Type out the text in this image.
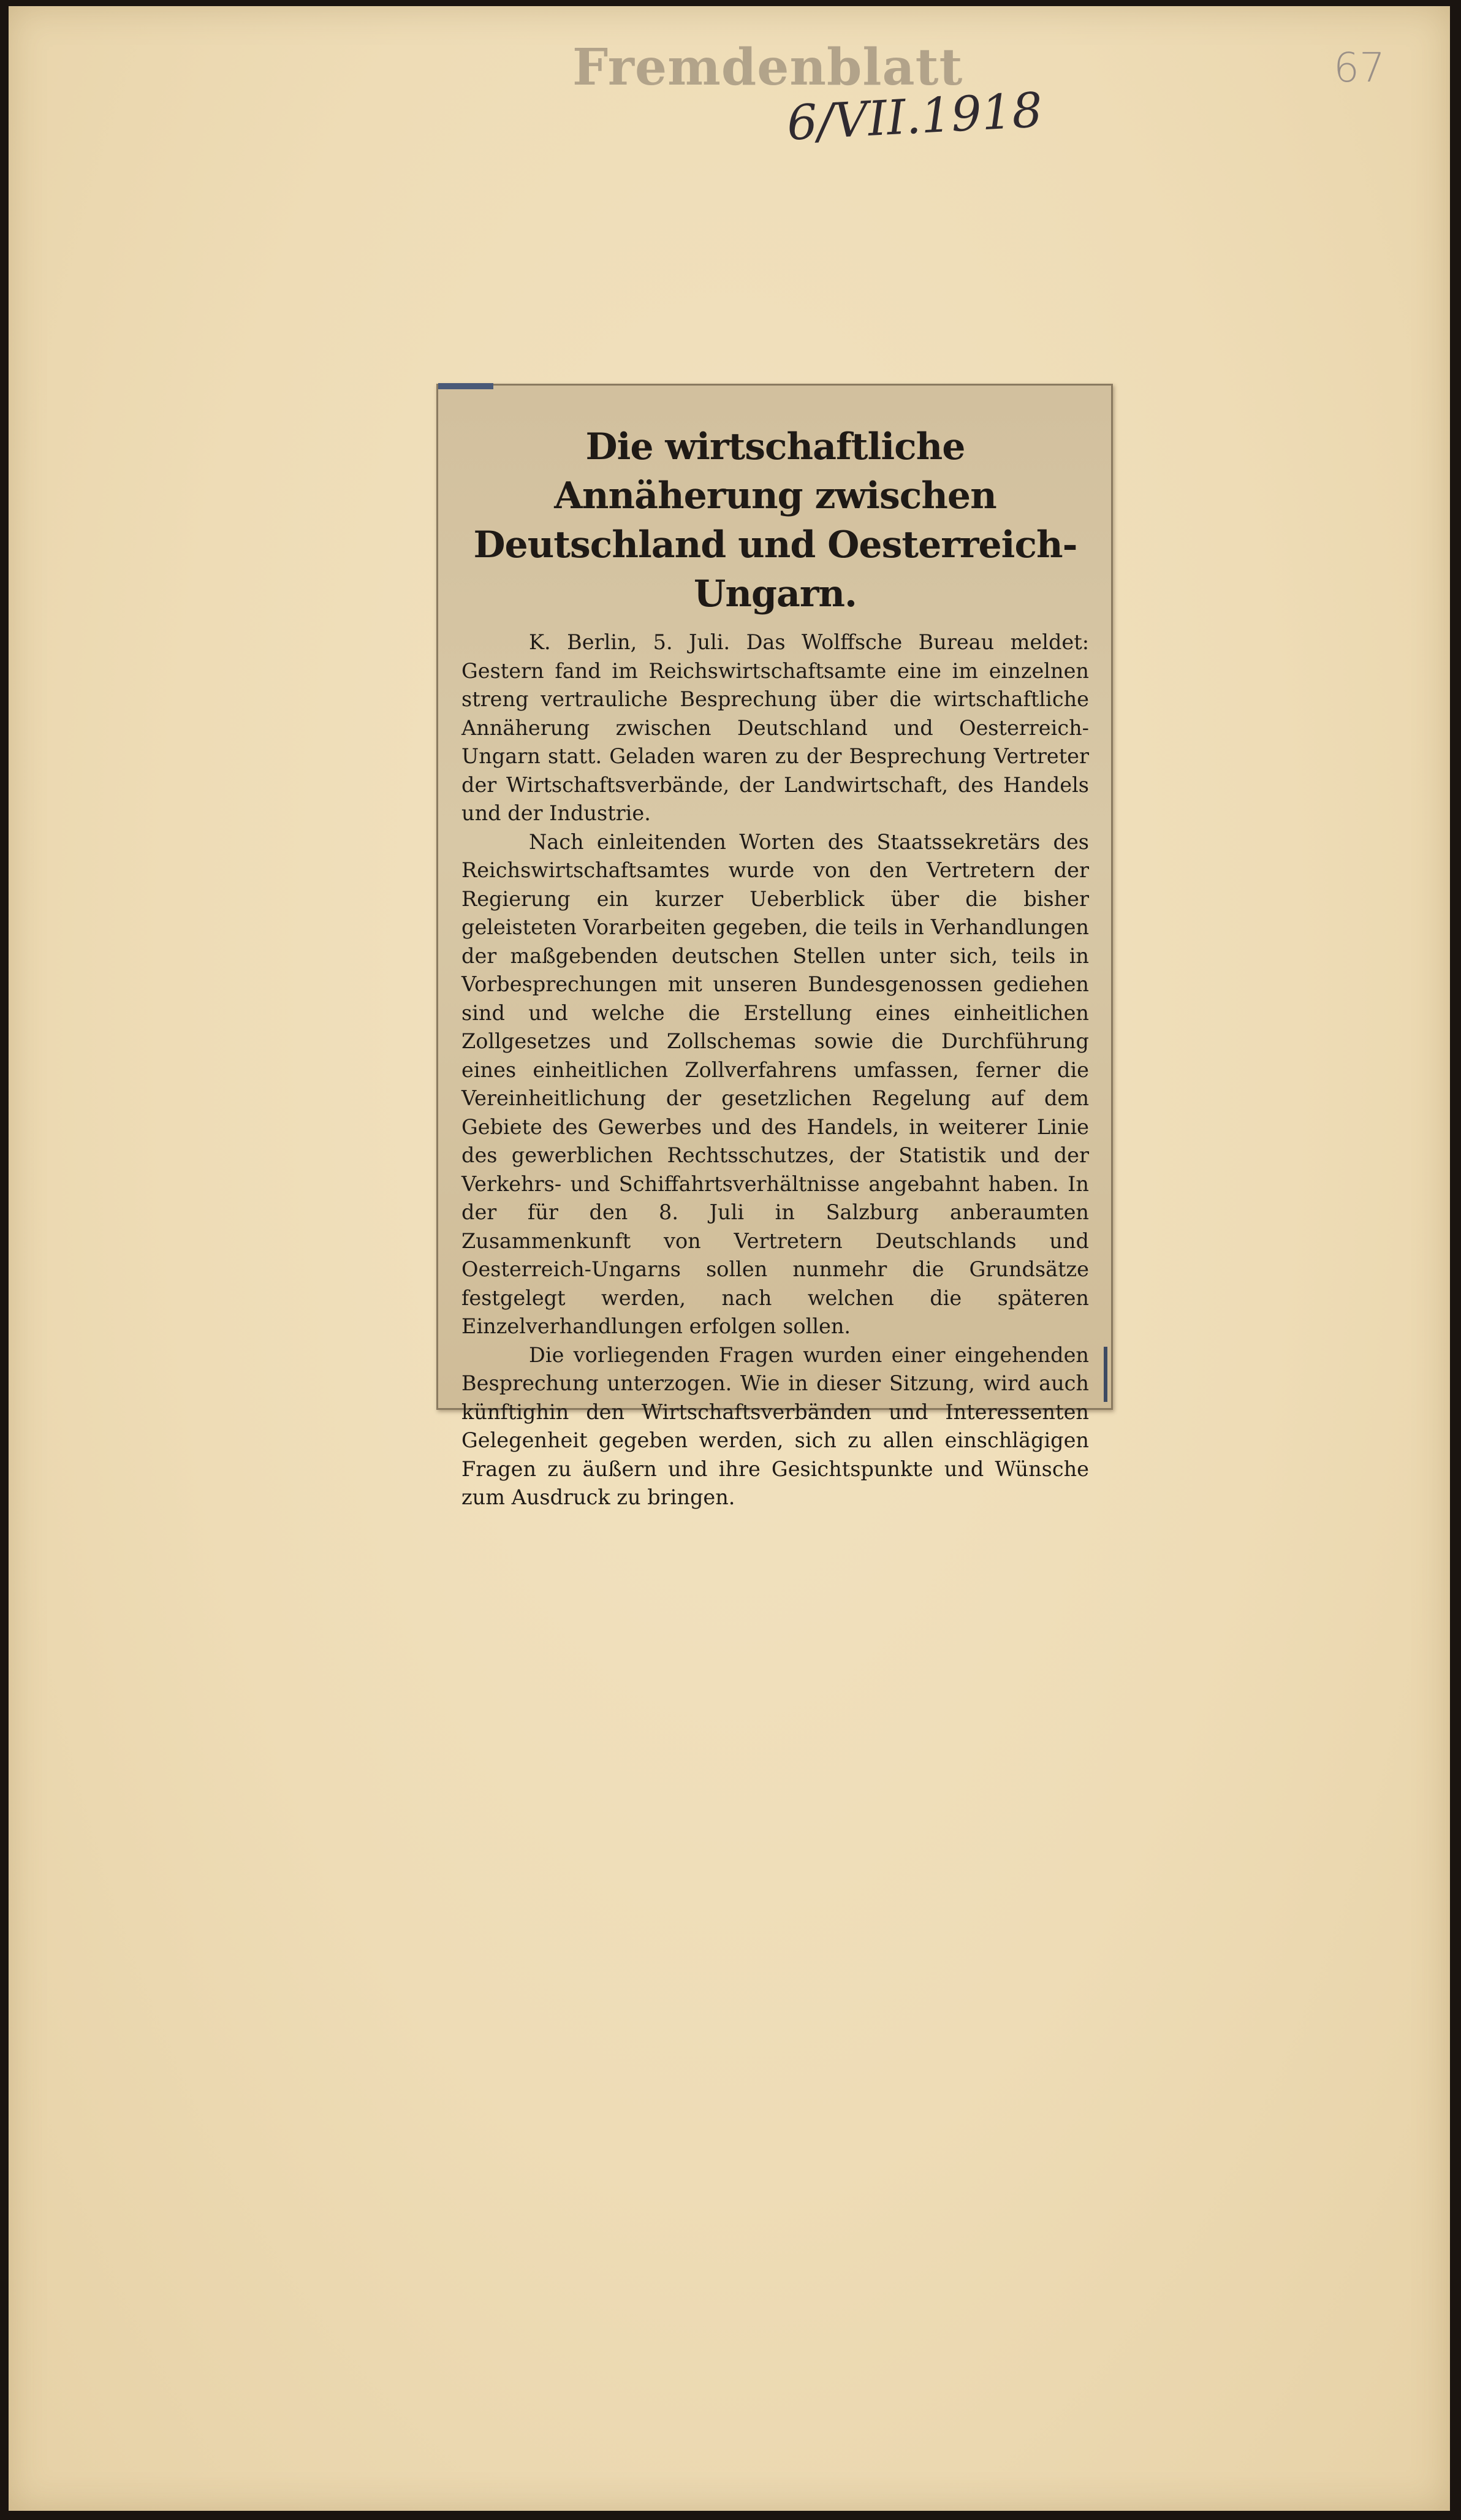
Fremdenblatt
6/VII.1918
67
Die wirtschaftliche Annäherung zwischen Deutschland und Oesterreich-Ungarn.

K. Berlin, 5. Juli. Das Wolffsche Bureau meldet: Gestern fand im Reichswirtschaftsamte eine im einzelnen streng vertrauliche Besprechung über die wirtschaftliche Annäherung zwischen Deutschland und Oesterreich-Ungarn statt. Geladen waren zu der Besprechung Vertreter der Wirtschaftsverbände, der Landwirtschaft, des Handels und der Industrie.

Nach einleitenden Worten des Staatssekretärs des Reichswirtschaftsamtes wurde von den Vertretern der Regierung ein kurzer Ueberblick über die bisher geleisteten Vorarbeiten gegeben, die teils in Verhandlungen der maßgebenden deutschen Stellen unter sich, teils in Vorbesprechungen mit unseren Bundesgenossen gediehen sind und welche die Erstellung eines einheitlichen Zollgesetzes und Zollschemas sowie die Durchführung eines einheitlichen Zollverfahrens umfassen, ferner die Vereinheitlichung der gesetzlichen Regelung auf dem Gebiete des Gewerbes und des Handels, in weiterer Linie des gewerblichen Rechtsschutzes, der Statistik und der Verkehrs- und Schiffahrtsverhältnisse angebahnt haben. In der für den 8. Juli in Salzburg anberaumten Zusammenkunft von Vertretern Deutschlands und Oesterreich-Ungarns sollen nunmehr die Grundsätze festgelegt werden, nach welchen die späteren Einzelverhandlungen erfolgen sollen.

Die vorliegenden Fragen wurden einer eingehenden Besprechung unterzogen. Wie in dieser Sitzung, wird auch künftighin den Wirtschaftsverbänden und Interessenten Gelegenheit gegeben werden, sich zu allen einschlägigen Fragen zu äußern und ihre Gesichtspunkte und Wünsche zum Ausdruck zu bringen.
